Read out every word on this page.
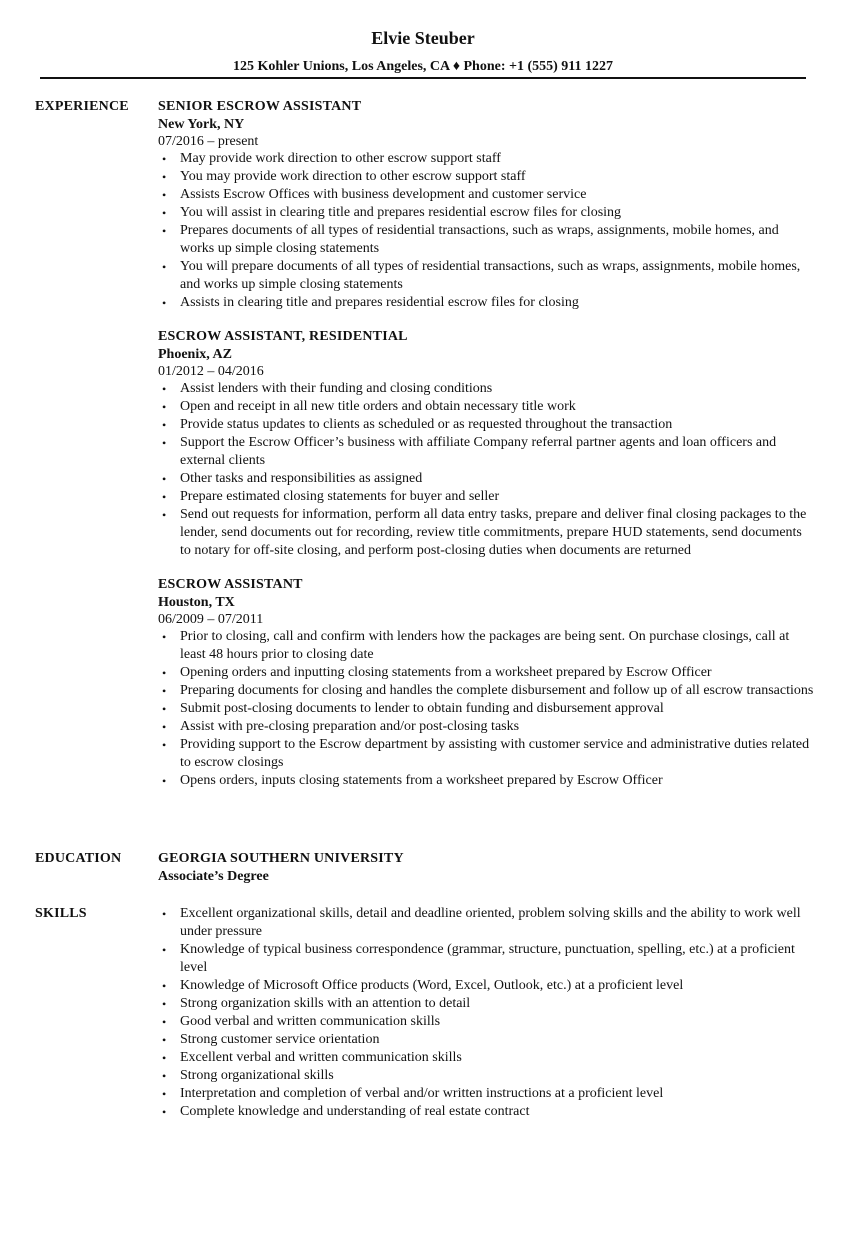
Elvie Steuber
125 Kohler Unions, Los Angeles, CA ♦ Phone: +1 (555) 911 1227
EXPERIENCE SENIOR ESCROW ASSISTANT
New York, NY
07/2016 – present
• May provide work direction to other escrow support staff
• You may provide work direction to other escrow support staff
• Assists Escrow Offices with business development and customer service
• You will assist in clearing title and prepares residential escrow files for closing
• Prepares documents of all types of residential transactions, such as wraps, assignments, mobile homes, and works up simple closing statements
• You will prepare documents of all types of residential transactions, such as wraps, assignments, mobile homes, and works up simple closing statements
• Assists in clearing title and prepares residential escrow files for closing
ESCROW ASSISTANT, RESIDENTIAL
Phoenix, AZ
01/2012 – 04/2016
• Assist lenders with their funding and closing conditions
• Open and receipt in all new title orders and obtain necessary title work
• Provide status updates to clients as scheduled or as requested throughout the transaction
• Support the Escrow Officer’s business with affiliate Company referral partner agents and loan officers and external clients
• Other tasks and responsibilities as assigned
• Prepare estimated closing statements for buyer and seller
• Send out requests for information, perform all data entry tasks, prepare and deliver final closing packages to the lender, send documents out for recording, review title commitments, prepare HUD statements, send documents to notary for off-site closing, and perform post-closing duties when documents are returned
ESCROW ASSISTANT
Houston, TX
06/2009 – 07/2011
• Prior to closing, call and confirm with lenders how the packages are being sent. On purchase closings, call at least 48 hours prior to closing date
• Opening orders and inputting closing statements from a worksheet prepared by Escrow Officer
• Preparing documents for closing and handles the complete disbursement and follow up of all escrow transactions
• Submit post-closing documents to lender to obtain funding and disbursement approval
• Assist with pre-closing preparation and/or post-closing tasks
• Providing support to the Escrow department by assisting with customer service and administrative duties related to escrow closings
• Opens orders, inputs closing statements from a worksheet prepared by Escrow Officer
EDUCATION	GEORGIA SOUTHERN UNIVERSITY
Associate’s Degree
SKILLS	• Excellent organizational skills, detail and deadline oriented, problem solving skills and the ability to work well under pressure
• Knowledge of typical business correspondence (grammar, structure, punctuation, spelling, etc.) at a proficient level
• Knowledge of Microsoft Office products (Word, Excel, Outlook, etc.) at a proficient level
• Strong organization skills with an attention to detail
• Good verbal and written communication skills
• Strong customer service orientation
• Excellent verbal and written communication skills
• Strong organizational skills
• Interpretation and completion of verbal and/or written instructions at a proficient level
• Complete knowledge and understanding of real estate contract
